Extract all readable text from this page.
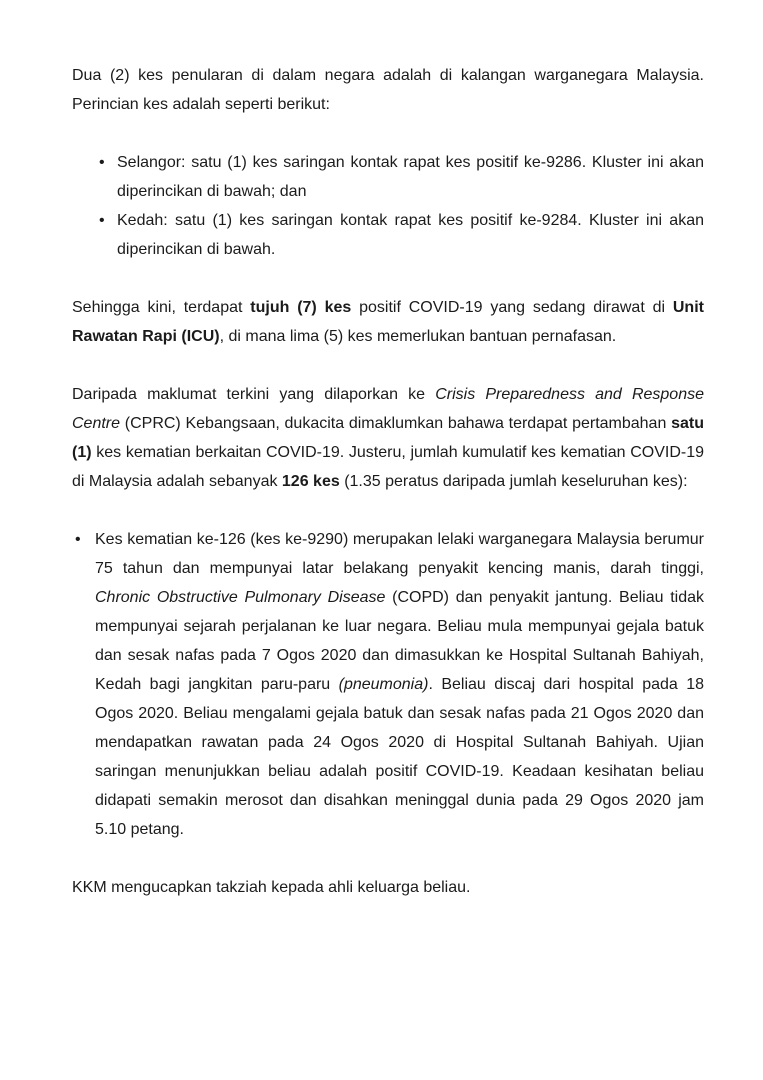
Dua (2) kes penularan di dalam negara adalah di kalangan warganegara Malaysia. Perincian kes adalah seperti berikut:

• Selangor: satu (1) kes saringan kontak rapat kes positif ke-9286. Kluster ini akan diperincikan di bawah; dan
• Kedah: satu (1) kes saringan kontak rapat kes positif ke-9284. Kluster ini akan diperincikan di bawah.

Sehingga kini, terdapat tujuh (7) kes positif COVID-19 yang sedang dirawat di Unit Rawatan Rapi (ICU), di mana lima (5) kes memerlukan bantuan pernafasan.

Daripada maklumat terkini yang dilaporkan ke Crisis Preparedness and Response Centre (CPRC) Kebangsaan, dukacita dimaklumkan bahawa terdapat pertambahan satu (1) kes kematian berkaitan COVID-19. Justeru, jumlah kumulatif kes kematian COVID-19 di Malaysia adalah sebanyak 126 kes (1.35 peratus daripada jumlah keseluruhan kes):

• Kes kematian ke-126 (kes ke-9290) merupakan lelaki warganegara Malaysia berumur 75 tahun dan mempunyai latar belakang penyakit kencing manis, darah tinggi, Chronic Obstructive Pulmonary Disease (COPD) dan penyakit jantung. Beliau tidak mempunyai sejarah perjalanan ke luar negara. Beliau mula mempunyai gejala batuk dan sesak nafas pada 7 Ogos 2020 dan dimasukkan ke Hospital Sultanah Bahiyah, Kedah bagi jangkitan paru-paru (pneumonia). Beliau discaj dari hospital pada 18 Ogos 2020. Beliau mengalami gejala batuk dan sesak nafas pada 21 Ogos 2020 dan mendapatkan rawatan pada 24 Ogos 2020 di Hospital Sultanah Bahiyah. Ujian saringan menunjukkan beliau adalah positif COVID-19. Keadaan kesihatan beliau didapati semakin merosot dan disahkan meninggal dunia pada 29 Ogos 2020 jam 5.10 petang.

KKM mengucapkan takziah kepada ahli keluarga beliau.
